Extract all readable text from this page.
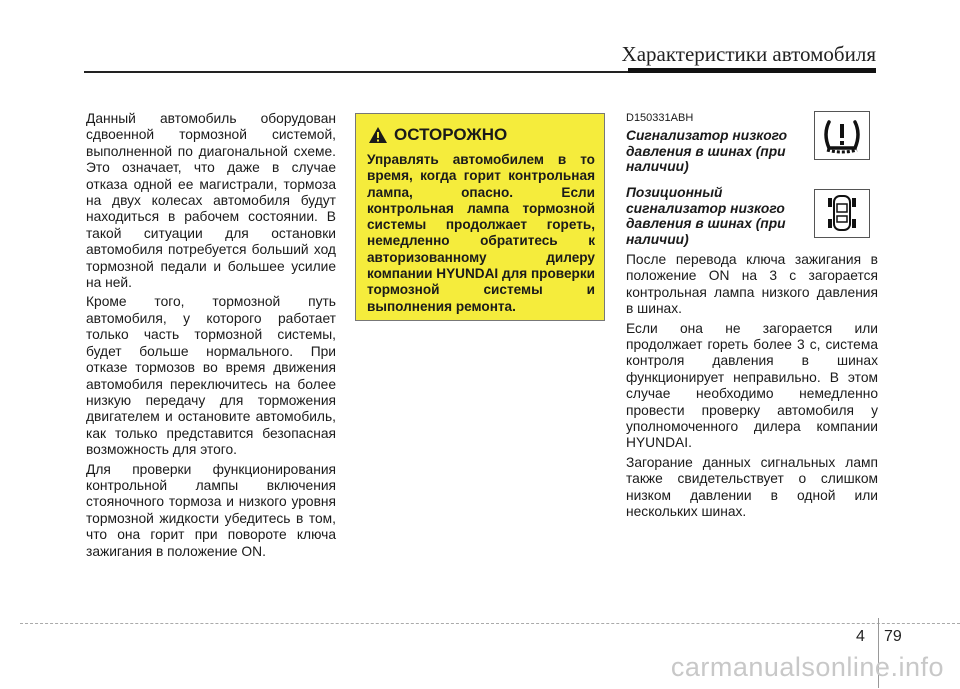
Характеристики автомобиля

Данный автомобиль оборудован сдвоенной тормозной системой, выполненной по диагональной схеме. Это означает, что даже в случае отказа одной ее магистрали, тормоза на двух колесах автомобиля будут находиться в рабочем состоянии. В такой ситуации для остановки автомобиля потребуется больший ход тормозной педали и большее усилие на ней.

Кроме того, тормозной путь автомобиля, у которого работает только часть тормозной системы, будет больше нормального. При отказе тормозов во время движения автомобиля переключитесь на более низкую передачу для торможения двигателем и остановите автомобиль, как только представится безопасная возможность для этого.

Для проверки функционирования контрольной лампы включения стояночного тормоза и низкого уровня тормозной жидкости убедитесь в том, что она горит при повороте ключа зажигания в положение ON.

ОСТОРОЖНО
Управлять автомобилем в то время, когда горит контрольная лампа, опасно. Если контрольная лампа тормозной системы продолжает гореть, немедленно обратитесь к авторизованному дилеру компании HYUNDAI для проверки тормозной системы и выполнения ремонта.
D150331ABH
Сигнализатор низкого давления в шинах (при наличии)
Позиционный сигнализатор низкого давления в шинах (при наличии)

После перевода ключа зажигания в положение ON на 3 с загорается контрольная лампа низкого давления в шинах.

Если она не загорается или продолжает гореть более 3 с, система контроля давления в шинах функционирует неправильно. В этом случае необходимо немедленно провести проверку автомобиля у уполномоченного дилера компании HYUNDAI.

Загорание данных сигнальных ламп также свидетельствует о слишком низком давлении в одной или нескольких шинах.

4 79
carmanualsonline.info
